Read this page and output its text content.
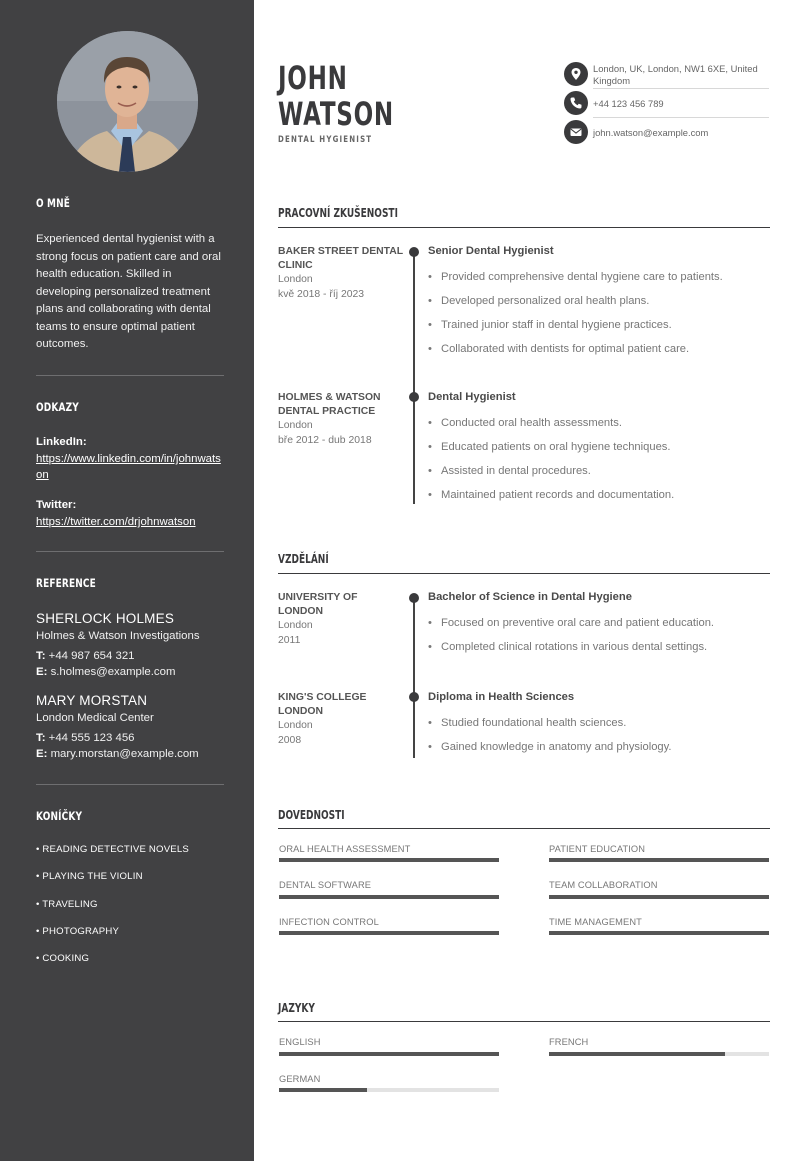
O MNĚ
Experienced dental hygienist with a strong focus on patient care and oral health education. Skilled in developing personalized treatment plans and collaborating with dental teams to ensure optimal patient outcomes.
ODKAZY
LinkedIn:
https://www.linkedin.com/in/johnwatson
Twitter:
https://twitter.com/drjohnwatson
REFERENCE
SHERLOCK HOLMES
Holmes & Watson Investigations
T: +44 987 654 321
E: s.holmes@example.com
MARY MORSTAN
London Medical Center
T: +44 555 123 456
E: mary.morstan@example.com
KONÍČKY
• READING DETECTIVE NOVELS
• PLAYING THE VIOLIN
• TRAVELING
• PHOTOGRAPHY
• COOKING
JOHN
WATSON
DENTAL HYGIENIST
London, UK, London, NW1 6XE, United Kingdom
+44 123 456 789
john.watson@example.com
PRACOVNÍ ZKUŠENOSTI
BAKER STREET DENTAL CLINIC
London
kvě 2018 - říj 2023
Senior Dental Hygienist
• Provided comprehensive dental hygiene care to patients.
• Developed personalized oral health plans.
• Trained junior staff in dental hygiene practices.
• Collaborated with dentists for optimal patient care.
HOLMES & WATSON DENTAL PRACTICE
London
bře 2012 - dub 2018
Dental Hygienist
• Conducted oral health assessments.
• Educated patients on oral hygiene techniques.
• Assisted in dental procedures.
• Maintained patient records and documentation.
VZDĚLÁNÍ
UNIVERSITY OF LONDON
London
2011
Bachelor of Science in Dental Hygiene
• Focused on preventive oral care and patient education.
• Completed clinical rotations in various dental settings.
KING'S COLLEGE LONDON
London
2008
Diploma in Health Sciences
• Studied foundational health sciences.
• Gained knowledge in anatomy and physiology.
DOVEDNOSTI
ORAL HEALTH ASSESSMENT	PATIENT EDUCATION
DENTAL SOFTWARE	TEAM COLLABORATION
INFECTION CONTROL	TIME MANAGEMENT
JAZYKY
ENGLISH	FRENCH
GERMAN
